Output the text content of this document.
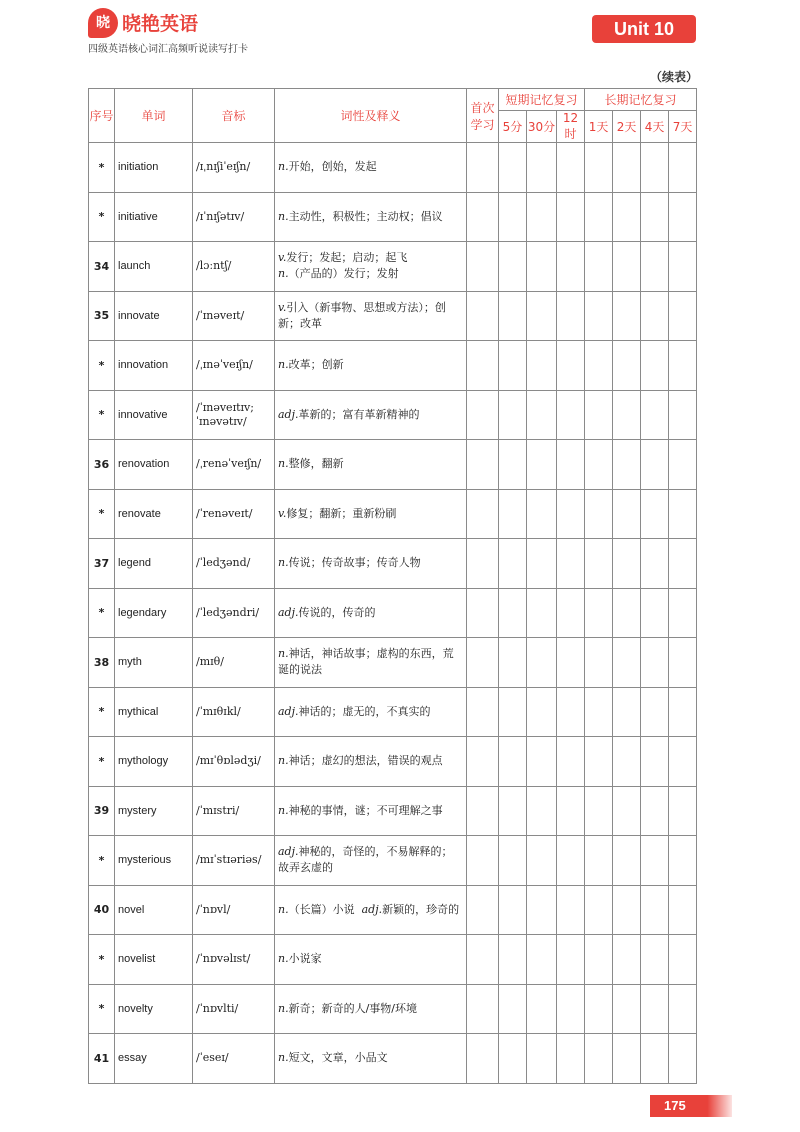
晓 晓艳英语
四级英语核心词汇高频听说读写打卡
Unit 10
（续表）
序号	单词	音标	词性及释义	首次学习	短期记忆复习			长期记忆复习			
					5分	30分	12时	1天	2天	4天	7天
*	initiation	/ɪˌnɪʃiˈeɪʃn/	n.开始，创始，发起								
*	initiative	/ɪˈnɪʃətɪv/	n.主动性，积极性；主动权；倡议								
34	launch	/lɔːntʃ/	v.发行；发起；启动；起飞
n.（产品的）发行；发射								
35	innovate	/ˈɪnəveɪt/	v.引入（新事物、思想或方法）；创新；改革								
*	innovation	/ˌɪnəˈveɪʃn/	n.改革；创新								
*	innovative	/ˈɪnəveɪtɪv; ˈɪnəvətɪv/	adj.革新的；富有革新精神的								
36	renovation	/ˌrenəˈveɪʃn/	n.整修，翻新								
*	renovate	/ˈrenəveɪt/	v.修复；翻新；重新粉刷								
37	legend	/ˈledʒənd/	n.传说；传奇故事；传奇人物								
*	legendary	/ˈledʒəndri/	adj.传说的，传奇的								
38	myth	/mɪθ/	n.神话，神话故事；虚构的东西，荒诞的说法								
*	mythical	/ˈmɪθɪkl/	adj.神话的；虚无的，不真实的								
*	mythology	/mɪˈθɒlədʒi/	n.神话；虚幻的想法，错误的观点								
39	mystery	/ˈmɪstri/	n.神秘的事情，谜；不可理解之事								
*	mysterious	/mɪˈstɪəriəs/	adj.神秘的，奇怪的，不易解释的；故弄玄虚的								
40	novel	/ˈnɒvl/	n.（长篇）小说 adj.新颖的，珍奇的								
*	novelist	/ˈnɒvəlɪst/	n.小说家								
*	novelty	/ˈnɒvlti/	n.新奇；新奇的人/事物/环境								
41	essay	/ˈeseɪ/	n.短文，文章，小品文								
175
